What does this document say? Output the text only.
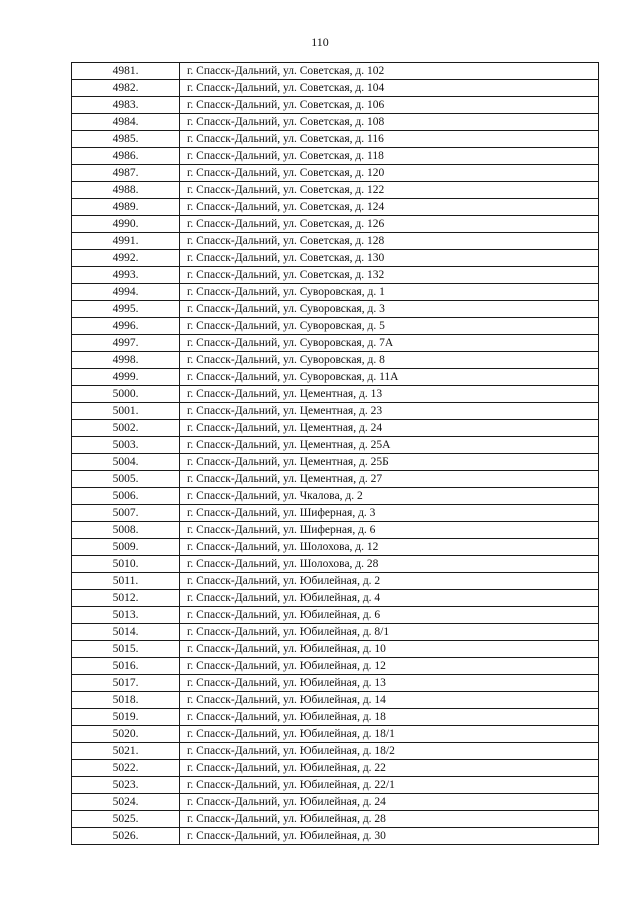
110
4981.	г. Спасск-Дальний, ул. Советская, д. 102
4982.	г. Спасск-Дальний, ул. Советская, д. 104
4983.	г. Спасск-Дальний, ул. Советская, д. 106
4984.	г. Спасск-Дальний, ул. Советская, д. 108
4985.	г. Спасск-Дальний, ул. Советская, д. 116
4986.	г. Спасск-Дальний, ул. Советская, д. 118
4987.	г. Спасск-Дальний, ул. Советская, д. 120
4988.	г. Спасск-Дальний, ул. Советская, д. 122
4989.	г. Спасск-Дальний, ул. Советская, д. 124
4990.	г. Спасск-Дальний, ул. Советская, д. 126
4991.	г. Спасск-Дальний, ул. Советская, д. 128
4992.	г. Спасск-Дальний, ул. Советская, д. 130
4993.	г. Спасск-Дальний, ул. Советская, д. 132
4994.	г. Спасск-Дальний, ул. Суворовская, д. 1
4995.	г. Спасск-Дальний, ул. Суворовская, д. 3
4996.	г. Спасск-Дальний, ул. Суворовская, д. 5
4997.	г. Спасск-Дальний, ул. Суворовская, д. 7А
4998.	г. Спасск-Дальний, ул. Суворовская, д. 8
4999.	г. Спасск-Дальний, ул. Суворовская, д. 11А
5000.	г. Спасск-Дальний, ул. Цементная, д. 13
5001.	г. Спасск-Дальний, ул. Цементная, д. 23
5002.	г. Спасск-Дальний, ул. Цементная, д. 24
5003.	г. Спасск-Дальний, ул. Цементная, д. 25А
5004.	г. Спасск-Дальний, ул. Цементная, д. 25Б
5005.	г. Спасск-Дальний, ул. Цементная, д. 27
5006.	г. Спасск-Дальний, ул. Чкалова, д. 2
5007.	г. Спасск-Дальний, ул. Шиферная, д. 3
5008.	г. Спасск-Дальний, ул. Шиферная, д. 6
5009.	г. Спасск-Дальний, ул. Шолохова, д. 12
5010.	г. Спасск-Дальний, ул. Шолохова, д. 28
5011.	г. Спасск-Дальний, ул. Юбилейная, д. 2
5012.	г. Спасск-Дальний, ул. Юбилейная, д. 4
5013.	г. Спасск-Дальний, ул. Юбилейная, д. 6
5014.	г. Спасск-Дальний, ул. Юбилейная, д. 8/1
5015.	г. Спасск-Дальний, ул. Юбилейная, д. 10
5016.	г. Спасск-Дальний, ул. Юбилейная, д. 12
5017.	г. Спасск-Дальний, ул. Юбилейная, д. 13
5018.	г. Спасск-Дальний, ул. Юбилейная, д. 14
5019.	г. Спасск-Дальний, ул. Юбилейная, д. 18
5020.	г. Спасск-Дальний, ул. Юбилейная, д. 18/1
5021.	г. Спасск-Дальний, ул. Юбилейная, д. 18/2
5022.	г. Спасск-Дальний, ул. Юбилейная, д. 22
5023.	г. Спасск-Дальний, ул. Юбилейная, д. 22/1
5024.	г. Спасск-Дальний, ул. Юбилейная, д. 24
5025.	г. Спасск-Дальний, ул. Юбилейная, д. 28
5026.	г. Спасск-Дальний, ул. Юбилейная, д. 30
